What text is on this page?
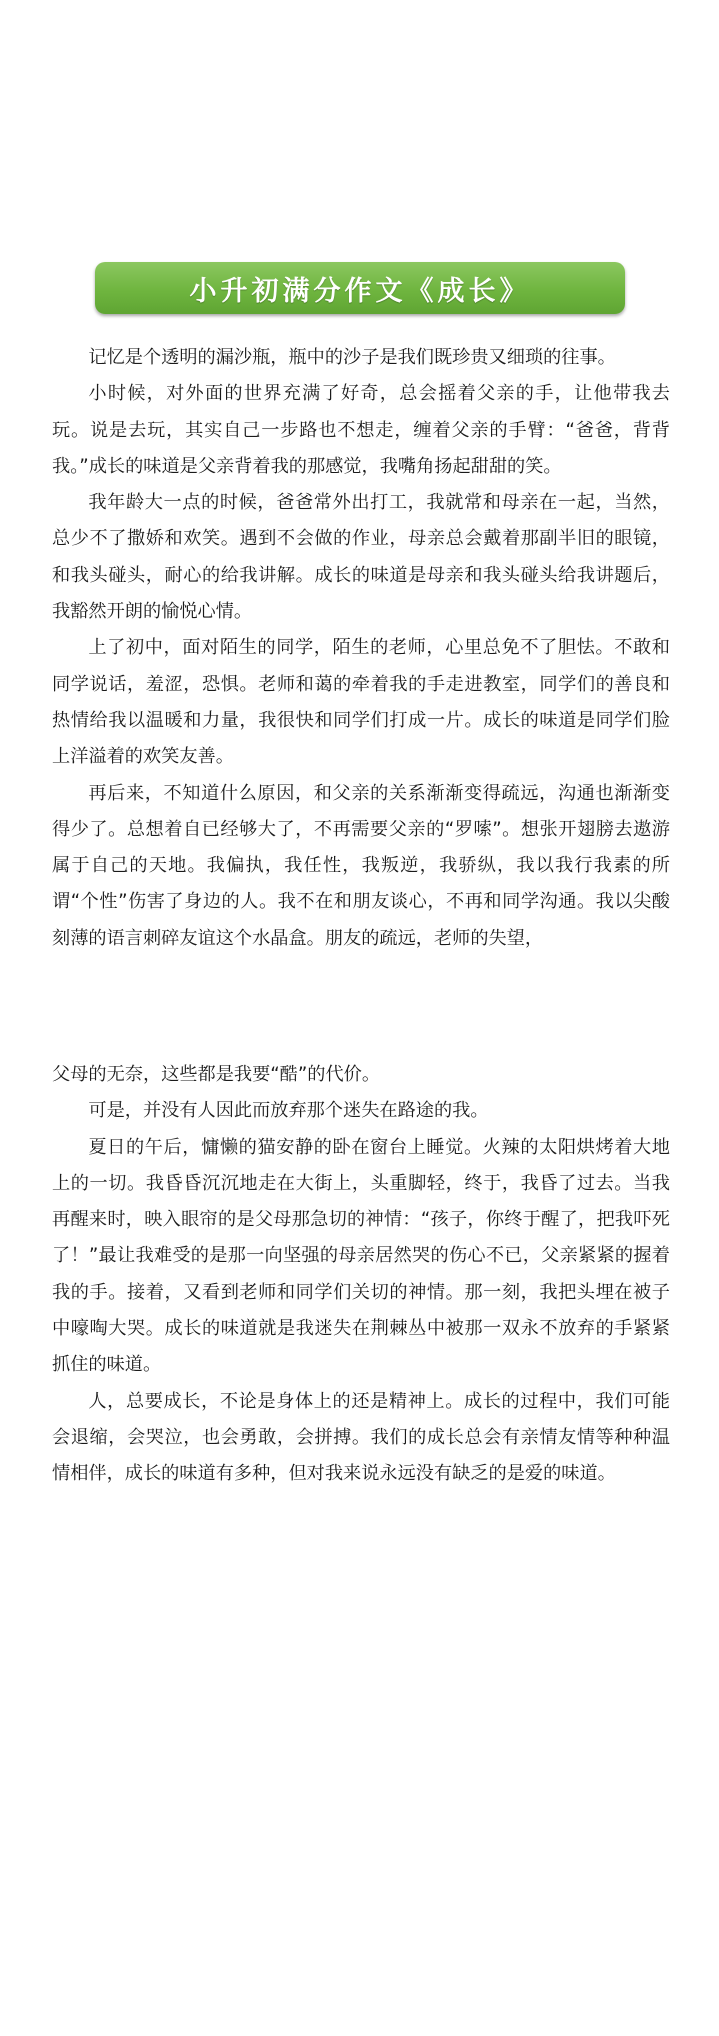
小升初满分作文《成长》

记忆是个透明的漏沙瓶，瓶中的沙子是我们既珍贵又细琐的往事。

小时候，对外面的世界充满了好奇，总会摇着父亲的手，让他带我去玩。说是去玩，其实自己一步路也不想走，缠着父亲的手臂：“爸爸，背背我。”成长的味道是父亲背着我的那感觉，我嘴角扬起甜甜的笑。

我年龄大一点的时候，爸爸常外出打工，我就常和母亲在一起，当然，总少不了撒娇和欢笑。遇到不会做的作业，母亲总会戴着那副半旧的眼镜，和我头碰头，耐心的给我讲解。成长的味道是母亲和我头碰头给我讲题后，我豁然开朗的愉悦心情。

上了初中，面对陌生的同学，陌生的老师，心里总免不了胆怯。不敢和同学说话，羞涩，恐惧。老师和蔼的牵着我的手走进教室，同学们的善良和热情给我以温暖和力量，我很快和同学们打成一片。成长的味道是同学们脸上洋溢着的欢笑友善。

再后来，不知道什么原因，和父亲的关系渐渐变得疏远，沟通也渐渐变得少了。总想着自已经够大了，不再需要父亲的“罗嗦”。想张开翅膀去遨游属于自己的天地。我偏执，我任性，我叛逆，我骄纵，我以我行我素的所谓“个性”伤害了身边的人。我不在和朋友谈心，不再和同学沟通。我以尖酸刻薄的语言刺碎友谊这个水晶盒。朋友的疏远，老师的失望，

父母的无奈，这些都是我要“酷”的代价。

可是，并没有人因此而放弃那个迷失在路途的我。

夏日的午后，慵懒的猫安静的卧在窗台上睡觉。火辣的太阳烘烤着大地上的一切。我昏昏沉沉地走在大街上，头重脚轻，终于，我昏了过去。当我再醒来时，映入眼帘的是父母那急切的神情：“孩子，你终于醒了，把我吓死了！”最让我难受的是那一向坚强的母亲居然哭的伤心不已，父亲紧紧的握着我的手。接着，又看到老师和同学们关切的神情。那一刻，我把头埋在被子中嚎啕大哭。成长的味道就是我迷失在荆棘丛中被那一双永不放弃的手紧紧抓住的味道。

人，总要成长，不论是身体上的还是精神上。成长的过程中，我们可能会退缩，会哭泣，也会勇敢，会拼搏。我们的成长总会有亲情友情等种种温情相伴，成长的味道有多种，但对我来说永远没有缺乏的是爱的味道。
